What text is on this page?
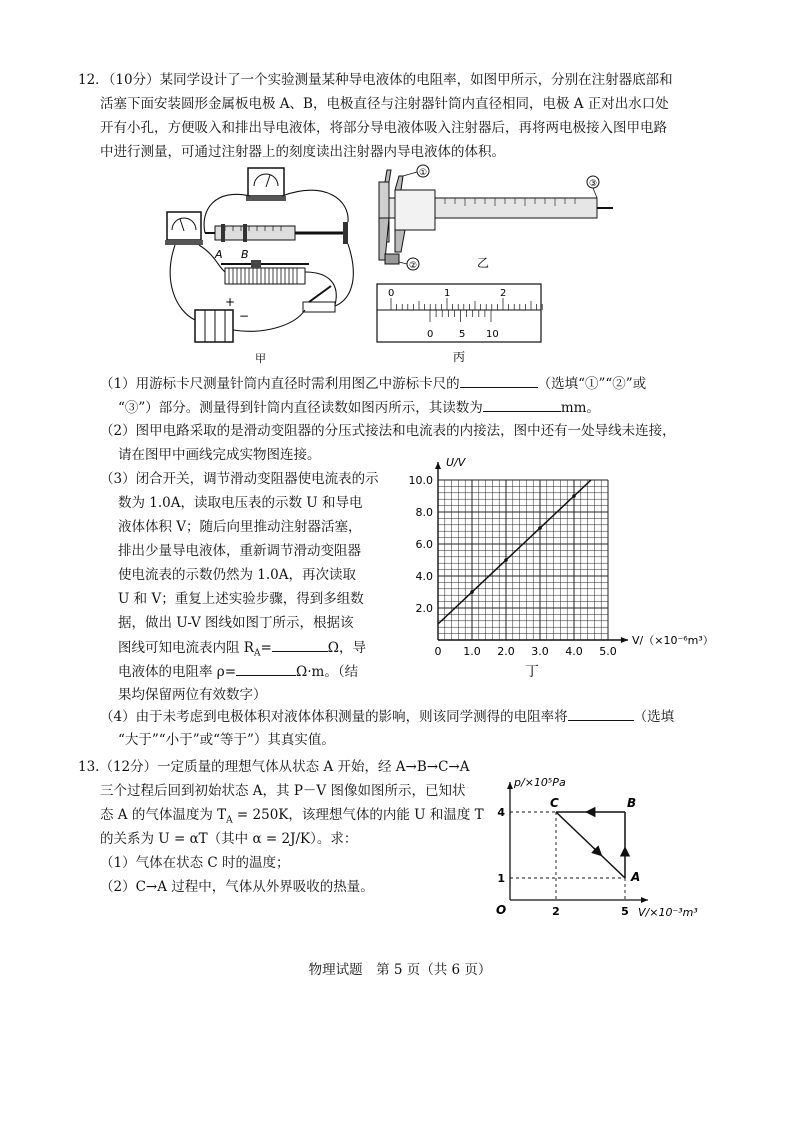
12．（10分）某同学设计了一个实验测量某种导电液体的电阻率，如图甲所示，分别在注射器底部和
活塞下面安装圆形金属板电极 A、B，电极直径与注射器针筒内直径相同，电极 A 正对出水口处
开有小孔，方便吸入和排出导电液体，将部分导电液体吸入注射器后，再将两电极接入图甲电路
中进行测量，可通过注射器上的刻度读出注射器内导电液体的体积。
A B
+
−
甲
①
②
③
乙
0	1	2
0	5 10
丙
（1）用游标卡尺测量针筒内直径时需利用图乙中游标卡尺的	（选填“①”“②”或
“③”）部分。测量得到针筒内直径读数如图丙所示，其读数为	mm。
（2）图甲电路采取的是滑动变阻器的分压式接法和电流表的内接法，图中还有一处导线未连接，
请在图甲中画线完成实物图连接。
（3）闭合开关，调节滑动变阻器使电流表的示
数为 1.0A，读取电压表的示数 U 和导电
液体体积 V；随后向里推动注射器活塞，
排出少量导电液体，重新调节滑动变阻器
使电流表的示数仍然为 1.0A，再次读取
U 和 V；重复上述实验步骤，得到多组数
据，做出 U-V 图线如图丁所示，根据该
图线可知电流表内阻 $R_A=$	Ω，导
电液体的电阻率 ρ=	Ω·m。（结
果均保留两位有效数字）
0 1.0 2.0 3.0 4.0 5.0
2.0
4.0
6.0
8.0
10.0
U/V
V/（×10⁻⁶m³）
丁
（4）由于未考虑到电极体积对液体体积测量的影响，则该同学测得的电阻率将	（选填
“大于”“小于”或“等于”）其真实值。
13.（12分）一定质量的理想气体从状态 A 开始，经 A→B→C→A
三个过程后回到初始状态 A，其 P－V 图像如图所示，已知状
态 A 的气体温度为 $T_A = 250K$，该理想气体的内能 U 和温度 T
的关系为 U = αT（其中 α = 2J/K）。求：
（1）气体在状态 C 时的温度；
（2）C→A 过程中，气体从外界吸收的热量。
2	5
1
4
A
B
C
p/×10⁵Pa
V/×10⁻³m³
O
物理试题　第 5 页（共 6 页）
